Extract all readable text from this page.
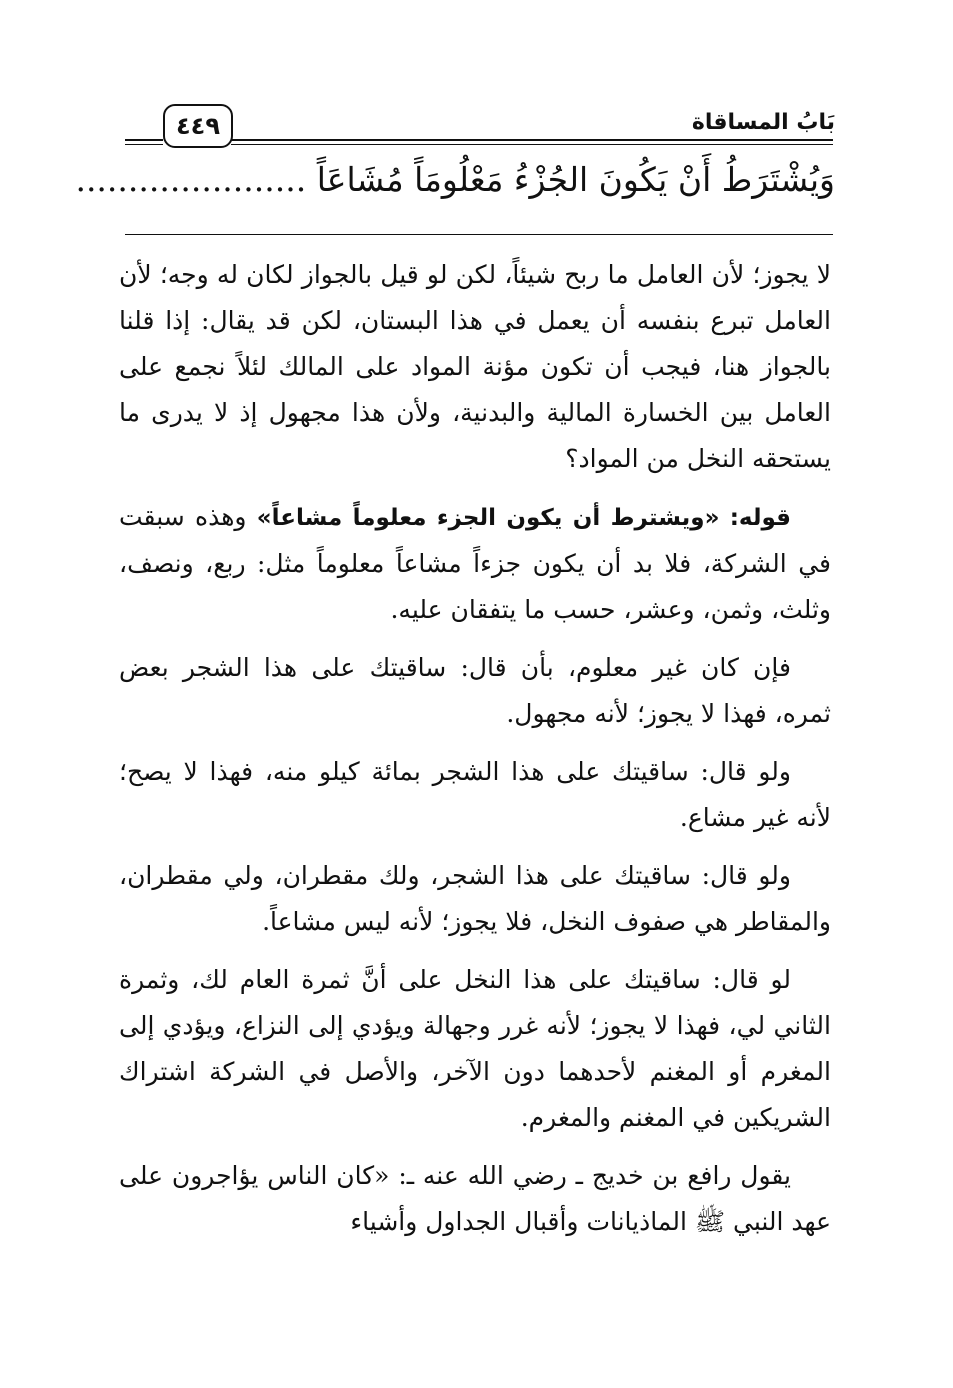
بَابُ المساقاة
٤٤٩
وَيُشْتَرَطُ أَنْ يَكُونَ الجُزْءُ مَعْلُومَاً مُشَاعَاً ......................

لا يجوز؛ لأن العامل ما ربح شيئاً، لكن لو قيل بالجواز لكان له وجه؛ لأن العامل تبرع بنفسه أن يعمل في هذا البستان، لكن قد يقال: إذا قلنا بالجواز هنا، فيجب أن تكون مؤنة المواد على المالك لئلاً نجمع على العامل بين الخسارة المالية والبدنية، ولأن هذا مجهول إذ لا يدرى ما يستحقه النخل من المواد؟

قوله: «ويشترط أن يكون الجزء معلوماً مشاعاً» وهذه سبقت في الشركة، فلا بد أن يكون جزءاً مشاعاً معلوماً مثل: ربع، ونصف، وثلث، وثمن، وعشر، حسب ما يتفقان عليه.

فإن كان غير معلوم، بأن قال: ساقيتك على هذا الشجر بعض ثمره، فهذا لا يجوز؛ لأنه مجهول.

ولو قال: ساقيتك على هذا الشجر بمائة كيلو منه، فهذا لا يصح؛ لأنه غير مشاع.

ولو قال: ساقيتك على هذا الشجر، ولك مقطران، ولي مقطران، والمقاطر هي صفوف النخل، فلا يجوز؛ لأنه ليس مشاعاً.

لو قال: ساقيتك على هذا النخل على أنَّ ثمرة العام لك، وثمرة الثاني لي، فهذا لا يجوز؛ لأنه غرر وجهالة ويؤدي إلى النزاع، ويؤدي إلى المغرم أو المغنم لأحدهما دون الآخر، والأصل في الشركة اشتراك الشريكين في المغنم والمغرم.

يقول رافع بن خديج ـ رضي الله عنه ـ: «كان الناس يؤاجرون على عهد النبي ﷺ الماذيانات وأقبال الجداول وأشياء
